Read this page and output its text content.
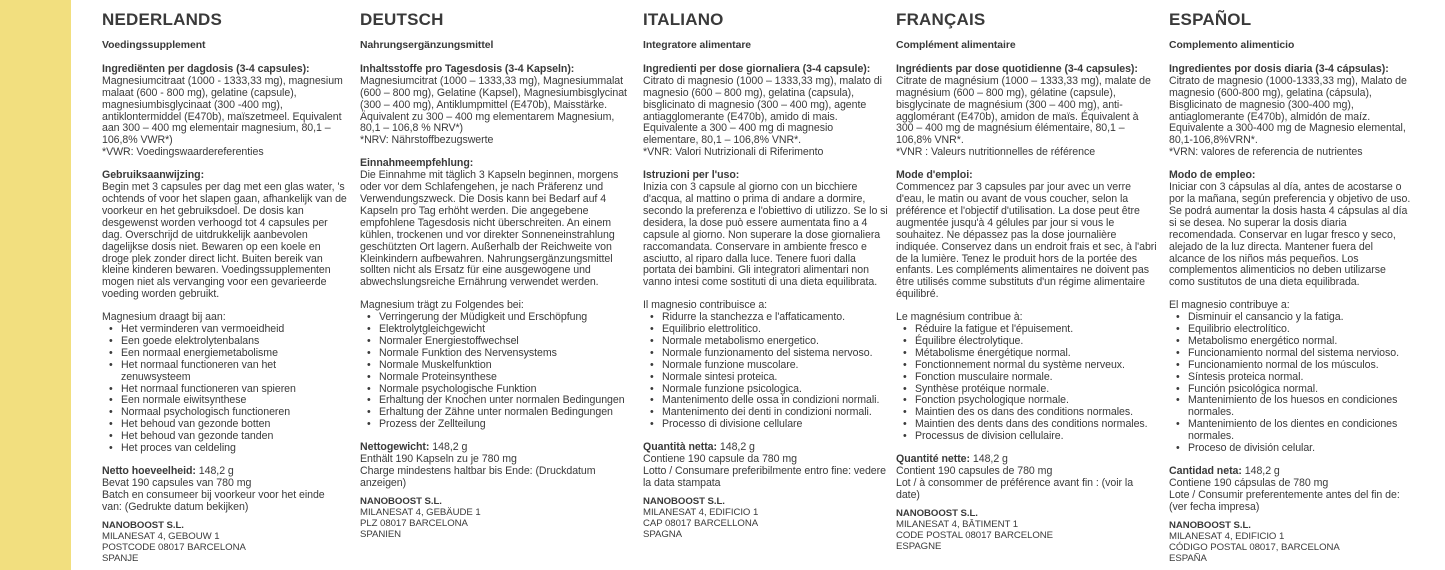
NEDERLANDS

Voedingssupplement

Ingrediënten per dagdosis (3-4 capsules):
Magnesiumcitraat (1000 - 1333,33 mg), magnesium malaat (600 - 800 mg), gelatine (capsule), magnesiumbisglycinaat (300 -400 mg), antiklontermiddel (E470b), maïszetmeel. Equivalent aan 300 – 400 mg elementair magnesium, 80,1 – 106,8% VWR*)
*VWR: Voedingswaardereferenties

Gebruiksaanwijzing:
Begin met 3 capsules per dag met een glas water, 's ochtends of voor het slapen gaan, afhankelijk van de voorkeur en het gebruiksdoel. De dosis kan desgewenst worden verhoogd tot 4 capsules per dag. Overschrijd de uitdrukkelijk aanbevolen dagelijkse dosis niet. Bewaren op een koele en droge plek zonder direct licht. Buiten bereik van kleine kinderen bewaren. Voedingssupplementen mogen niet als vervanging voor een gevarieerde voeding worden gebruikt.

Magnesium draagt bij aan:

• Het verminderen van vermoeidheid
• Een goede elektrolytenbalans
• Een normaal energiemetabolisme
• Het normaal functioneren van het zenuwsysteem
• Het normaal functioneren van spieren
• Een normale eiwitsynthese
• Normaal psychologisch functioneren
• Het behoud van gezonde botten
• Het behoud van gezonde tanden
• Het proces van celdeling

Netto hoeveelheid: 148,2 g

Bevat 190 capsules van 780 mg

Batch en consumeer bij voorkeur voor het einde van: (Gedrukte datum bekijken)

NANOBOOST S.L.

MILANESAT 4, GEBOUW 1

POSTCODE 08017 BARCELONA

SPANJE

DEUTSCH

Nahrungsergänzungsmittel

Inhaltsstoffe pro Tagesdosis (3-4 Kapseln):
Magnesiumcitrat (1000 – 1333,33 mg), Magnesiummalat (600 – 800 mg), Gelatine (Kapsel), Magnesiumbisglycinat (300 – 400 mg), Antiklumpmittel (E470b), Maisstärke. Äquivalent zu 300 – 400 mg elementarem Magnesium, 80,1 – 106,8 % NRV*)
*NRV: Nährstoffbezugswerte

Einnahmeempfehlung:
Die Einnahme mit täglich 3 Kapseln beginnen, morgens oder vor dem Schlafengehen, je nach Präferenz und Verwendungszweck. Die Dosis kann bei Bedarf auf 4 Kapseln pro Tag erhöht werden. Die angegebene empfohlene Tagesdosis nicht überschreiten. An einem kühlen, trockenen und vor direkter Sonneneinstrahlung geschützten Ort lagern. Außerhalb der Reichweite von Kleinkindern aufbewahren. Nahrungsergänzungsmittel sollten nicht als Ersatz für eine ausgewogene und abwechslungsreiche Ernährung verwendet werden.

Magnesium trägt zu Folgendes bei:

• Verringerung der Müdigkeit und Erschöpfung
• Elektrolytgleichgewicht
• Normaler Energiestoffwechsel
• Normale Funktion des Nervensystems
• Normale Muskelfunktion
• Normale Proteinsynthese
• Normale psychologische Funktion
• Erhaltung der Knochen unter normalen Bedingungen
• Erhaltung der Zähne unter normalen Bedingungen
• Prozess der Zellteilung

Nettogewicht: 148,2 g

Enthält 190 Kapseln zu je 780 mg

Charge mindestens haltbar bis Ende: (Druckdatum anzeigen)

NANOBOOST S.L.

MILANESAT 4, GEBÄUDE 1

PLZ 08017 BARCELONA

SPANIEN

ITALIANO

Integratore alimentare

Ingredienti per dose giornaliera (3-4 capsule):
Citrato di magnesio (1000 – 1333,33 mg), malato di magnesio (600 – 800 mg), gelatina (capsula), bisglicinato di magnesio (300 – 400 mg), agente antiagglomerante (E470b), amido di mais. Equivalente a 300 – 400 mg di magnesio elementare, 80,1 – 106,8% VNR*.
*VNR: Valori Nutrizionali di Riferimento

Istruzioni per l'uso:
Inizia con 3 capsule al giorno con un bicchiere d'acqua, al mattino o prima di andare a dormire, secondo la preferenza e l'obiettivo di utilizzo. Se lo si desidera, la dose può essere aumentata fino a 4 capsule al giorno. Non superare la dose giornaliera raccomandata. Conservare in ambiente fresco e asciutto, al riparo dalla luce. Tenere fuori dalla portata dei bambini. Gli integratori alimentari non vanno intesi come sostituti di una dieta equilibrata.

Il magnesio contribuisce a:

• Ridurre la stanchezza e l'affaticamento.
• Equilibrio elettrolitico.
• Normale metabolismo energetico.
• Normale funzionamento del sistema nervoso.
• Normale funzione muscolare.
• Normale sintesi proteica.
• Normale funzione psicologica.
• Mantenimento delle ossa in condizioni normali.
• Mantenimento dei denti in condizioni normali.
• Processo di divisione cellulare

Quantità netta: 148,2 g

Contiene 190 capsule da 780 mg

Lotto / Consumare preferibilmente entro fine: vedere la data stampata

NANOBOOST S.L.

MILANESAT 4, EDIFICIO 1

CAP 08017 BARCELLONA

SPAGNA

FRANÇAIS

Complément alimentaire

Ingrédients par dose quotidienne (3-4 capsules):
Citrate de magnésium (1000 – 1333,33 mg), malate de magnésium (600 – 800 mg), gélatine (capsule), bisglycinate de magnésium (300 – 400 mg), anti-agglomérant (E470b), amidon de maïs. Équivalent à 300 – 400 mg de magnésium élémentaire, 80,1 – 106,8% VNR*.
*VNR : Valeurs nutritionnelles de référence

Mode d'emploi:
Commencez par 3 capsules par jour avec un verre d'eau, le matin ou avant de vous coucher, selon la préférence et l'objectif d'utilisation. La dose peut être augmentée jusqu'à 4 gélules par jour si vous le souhaitez. Ne dépassez pas la dose journalière indiquée. Conservez dans un endroit frais et sec, à l'abri de la lumière. Tenez le produit hors de la portée des enfants. Les compléments alimentaires ne doivent pas être utilisés comme substituts d'un régime alimentaire équilibré.

Le magnésium contribue à:

• Réduire la fatigue et l'épuisement.
• Équilibre électrolytique.
• Métabolisme énergétique normal.
• Fonctionnement normal du système nerveux.
• Fonction musculaire normale.
• Synthèse protéique normale.
• Fonction psychologique normale.
• Maintien des os dans des conditions normales.
• Maintien des dents dans des conditions normales.
• Processus de division cellulaire.

Quantité nette: 148,2 g

Contient 190 capsules de 780 mg

Lot / à consommer de préférence avant fin : (voir la date)

NANOBOOST S.L.

MILANESAT 4, BÂTIMENT 1

CODE POSTAL 08017 BARCELONE

ESPAGNE

ESPAÑOL

Complemento alimenticio

Ingredientes por dosis diaria (3-4 cápsulas):
Citrato de magnesio (1000-1333,33 mg), Malato de magnesio (600-800 mg), gelatina (cápsula), Bisglicinato de magnesio (300-400 mg), antiaglomerante (E470b), almidón de maíz. Equivalente a 300-400 mg de Magnesio elemental, 80,1-106,8%VRN*.
*VRN: valores de referencia de nutrientes

Modo de empleo:
Iniciar con 3 cápsulas al día, antes de acostarse o por la mañana, según preferencia y objetivo de uso. Se podrá aumentar la dosis hasta 4 cápsulas al día si se desea. No superar la dosis diaria recomendada. Conservar en lugar fresco y seco, alejado de la luz directa. Mantener fuera del alcance de los niños más pequeños. Los complementos alimenticios no deben utilizarse como sustitutos de una dieta equilibrada.

El magnesio contribuye a:

• Disminuir el cansancio y la fatiga.
• Equilibrio electrolítico.
• Metabolismo energético normal.
• Funcionamiento normal del sistema nervioso.
• Funcionamiento normal de los músculos.
• Síntesis proteica normal.
• Función psicológica normal.
• Mantenimiento de los huesos en condiciones normales.
• Mantenimiento de los dientes en condiciones normales.
• Proceso de división celular.

Cantidad neta: 148,2 g

Contiene 190 cápsulas de 780 mg

Lote / Consumir preferentemente antes del fin de: (ver fecha impresa)

NANOBOOST S.L.

MILANESAT 4, EDIFICIO 1

CÓDIGO POSTAL 08017, BARCELONA

ESPAÑA
